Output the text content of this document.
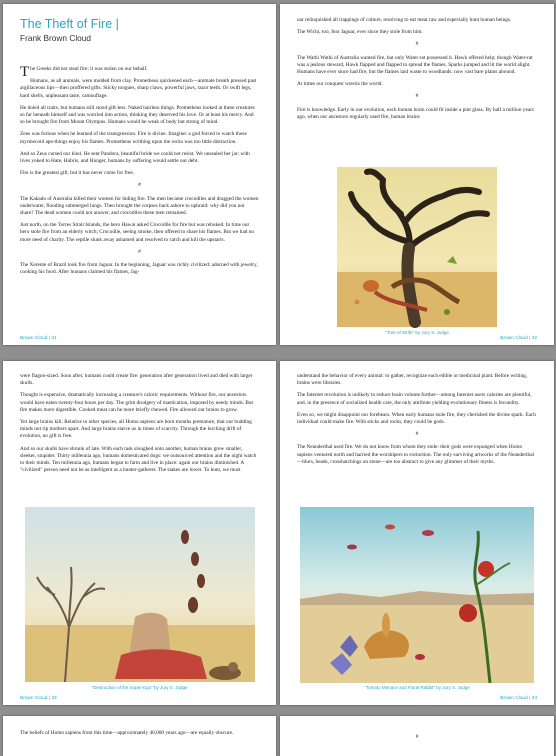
The Theft of Fire |
Frank Brown Cloud

The Greeks did not steal fire; it was stolen on our behalf.

Humans, as all animals, were molded from clay. Prometheus quickened each—animate breath pressed past argillaceous lips—then proffered gifts. Sticky tongues, sharp claws, powerful jaws, razor teeth. Or swift legs, hard shells, unpleasant taste, camouflage.

He doled all traits, but humans still stood gift-less. Naked hairless things. Prometheus looked at these creatures so far beneath himself and was worried into action, thinking they deserved his love. Or at least his mercy. And so he brought fire from Mount Olympus. Humans would be weak of body but strong of mind.

Zeus was furious when he learned of the transgression. Fire is divine. Imagine: a god forced to watch those myrmecoid ape-things enjoy his flames. Prometheus writhing upon the rocks was too little distraction.

And so Zeus cursed our kind. He sent Pandora, beautiful bride we could not resist. We unsealed her jar: with lives yoked to Hate, Hubris, and Hunger, humans by suffering would settle our debt.

Fire is the greatest gift, but it has never come for free.

#

The Kakadu of Australia killed their women for hiding fire. The men became crocodiles and dragged the women underwater, flooding submerged lungs. Then brought the corpses back ashore to upbraid: why did you not share? The dead women could not answer, and crocodiles these men remained.

Just north, on the Torres Strait Islands, the hero Hawai asked Crocodile for fire but was rebuked. In time our hero stole fire from an elderly witch; Crocodile, seeing smoke, then offered to share his flames. But we had no more need of charity. The reptile slunk away ashamed and resolved to catch and kill the upstarts.

#

The Xerente of Brazil took fire from Jaguar. In the beginning, Jaguar was richly civilized: adorned with jewelry, cooking his food. After humans claimed his flames, Jag-

Brown Cloud | 31

uar relinquished all trappings of culture, resolving to eat meat raw and especially hunt human beings.

The Wichi, too, fear Jaguar, ever since they stole from him.

#

The Wathi Wathi of Australia wanted fire, but only Water-rat possessed it. Hawk offered help; though Water-rat was a jealous steward, Hawk flapped and flapped to spread the flames. Sparks jumped and lit the world alight. Humans have ever since had fire, but the flames laid waste to woodlands: now vast bare plains abound.

At times our conquest wrecks the world.

#

Fire is knowledge. Early in our evolution, each human brain could fit inside a pint glass. By half a million years ago, when our ancestors regularly used fire, human brains

"Tree of Strife" by Jury S. Judge
Brown Cloud | 32

were flagon-sized. Soon after, humans could create fire: generation after generation lived and died with larger skulls.

Thought is expensive, dramatically increasing a creature's caloric requirements. Without fire, our ancestors would have eaten twenty-four hours per day. The grim drudgery of mastication, imposed by needy minds. But fire makes more digestible. Cooked meat can be more briefly chewed. Fire allowed our brains to grow.

Yet large brains kill. Relative to other species, all Homo sapiens are born months premature, that our budding minds not rip mothers apart. And large brains starve us in times of scarcity. Through the lurching drift of evolution, no gift is free.

And so our skulls have shrunk of late. With each task sloughed onto another, human brains grew smaller, sleeker, stupider. Thirty millennia ago, humans domesticated dogs: we outsourced attention and the night watch to their minds. Ten millennia ago, humans began to farm and live in place: again our brains diminished. A "civilized" person need not be as intelligent as a hunter-gatherer. The stakes are lower. To hunt, we must

"Destruction of the Super-Ego" by Jury S. Judge
Brown Cloud | 33

understand the behavior of every animal: to gather, recognize each edible or medicinal plant. Before writing, brains were libraries.

The Internet revolution is unlikely to reduce brain volume further—among Internet users calories are plentiful, and, in the presence of socialized health care, the only attribute yielding evolutionary fitness is fecundity.

Even so, we might disappoint our forebears. When early humans stole fire, they cherished the divine spark. Each individual could make fire. With sticks and rocks, they could be gods.

#

The Neanderthal used fire. We do not know from whom they stole: their gods were expunged when Homo sapiens ventured north and harried the worshipers to extinction. The only surviving artworks of the Neanderthal—blurs, beads, crosshatchings on stone—are too abstract to give any glimmer of their myths.

"Tomato Menace and Floral Rabbit" by Jury S. Judge
Brown Cloud | 34

The beliefs of Homo sapiens from this time—approximately 40,000 years ago—are equally obscure.

#
